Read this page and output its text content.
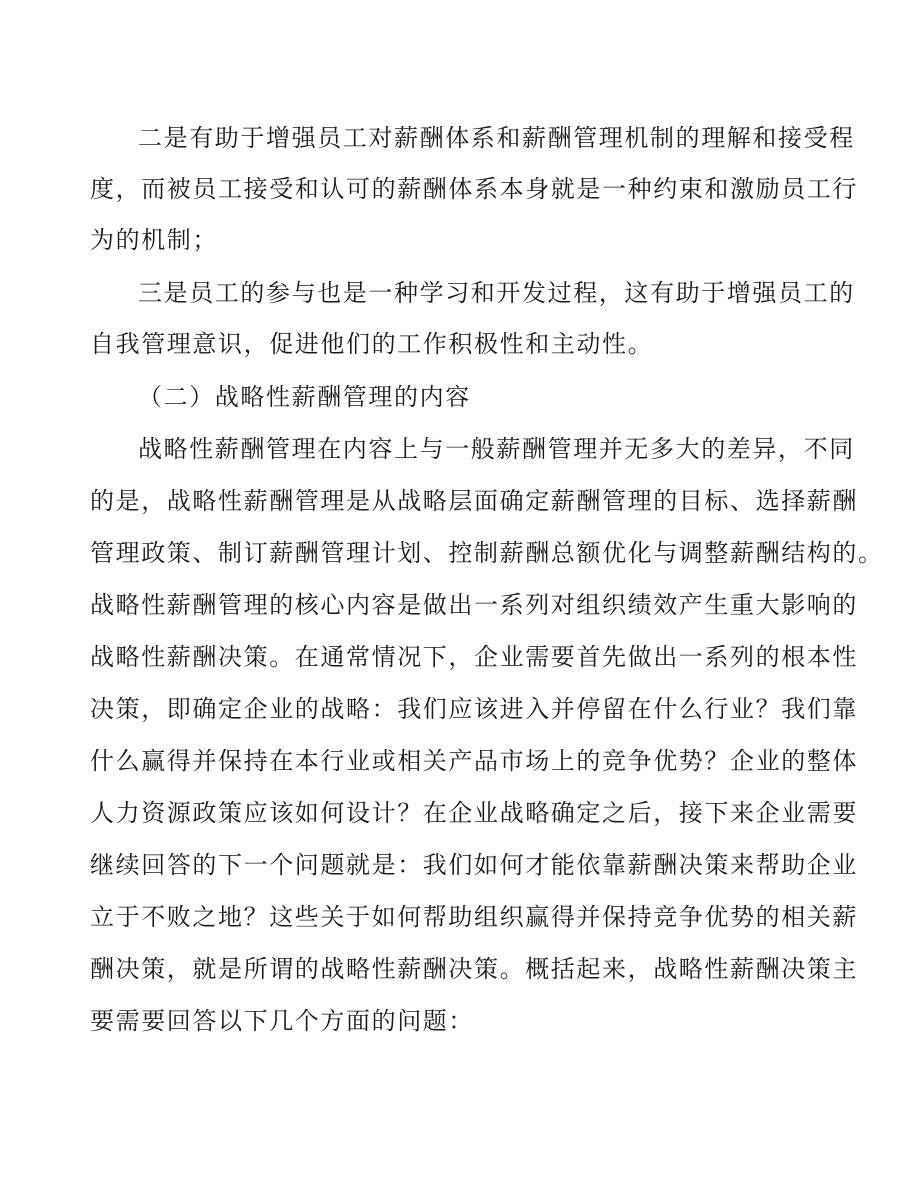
二是有助于增强员工对薪酬体系和薪酬管理机制的理解和接受程
度，而被员工接受和认可的薪酬体系本身就是一种约束和激励员工行
为的机制；
三是员工的参与也是一种学习和开发过程，这有助于增强员工的
自我管理意识，促进他们的工作积极性和主动性。
（二）战略性薪酬管理的内容
战略性薪酬管理在内容上与一般薪酬管理并无多大的差异，不同
的是，战略性薪酬管理是从战略层面确定薪酬管理的目标、选择薪酬
管理政策、制订薪酬管理计划、控制薪酬总额优化与调整薪酬结构的。
战略性薪酬管理的核心内容是做出一系列对组织绩效产生重大影响的
战略性薪酬决策。在通常情况下，企业需要首先做出一系列的根本性
决策，即确定企业的战略：我们应该进入并停留在什么行业？我们靠
什么赢得并保持在本行业或相关产品市场上的竞争优势？企业的整体
人力资源政策应该如何设计？在企业战略确定之后，接下来企业需要
继续回答的下一个问题就是：我们如何才能依靠薪酬决策来帮助企业
立于不败之地？这些关于如何帮助组织赢得并保持竞争优势的相关薪
酬决策，就是所谓的战略性薪酬决策。概括起来，战略性薪酬决策主
要需要回答以下几个方面的问题：
